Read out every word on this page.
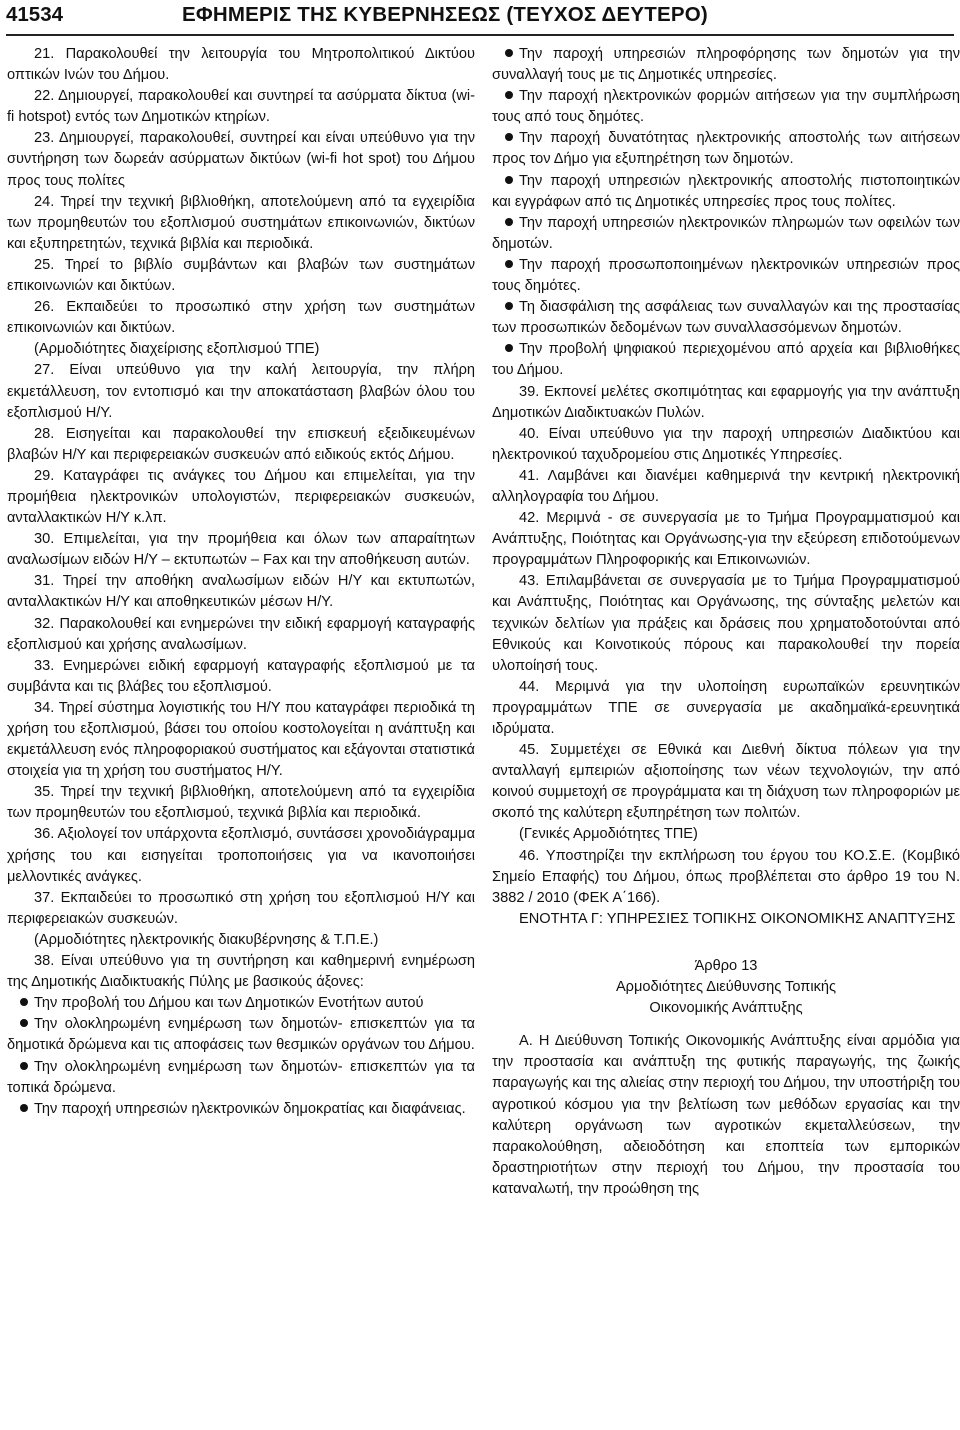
41534	ΕΦΗΜΕΡΙΣ ΤΗΣ ΚΥΒΕΡΝΗΣΕΩΣ (ΤΕΥΧΟΣ ΔΕΥΤΕΡΟ)

21. Παρακολουθεί την λειτουργία του Μητροπολιτικού Δικτύου οπτικών Ινών του Δήμου.

22. Δημιουργεί, παρακολουθεί και συντηρεί τα ασύρματα δίκτυα (wi-fi hotspot) εντός των Δημοτικών κτηρίων.

23. Δημιουργεί, παρακολουθεί, συντηρεί και είναι υπεύθυνο για την συντήρηση των δωρεάν ασύρματων δικτύων (wi-fi hot spot) του Δήμου προς τους πολίτες

24. Τηρεί την τεχνική βιβλιοθήκη, αποτελούμενη από τα εγχειρίδια των προμηθευτών του εξοπλισμού συστημάτων επικοινωνιών, δικτύων και εξυπηρετητών, τεχνικά βιβλία και περιοδικά.

25. Τηρεί το βιβλίο συμβάντων και βλαβών των συστημάτων επικοινωνιών και δικτύων.

26. Εκπαιδεύει το προσωπικό στην χρήση των συστημάτων επικοινωνιών και δικτύων.

(Αρμοδιότητες διαχείρισης εξοπλισμού ΤΠΕ)

27. Είναι υπεύθυνο για την καλή λειτουργία, την πλήρη εκμετάλλευση, τον εντοπισμό και την αποκατάσταση βλαβών όλου του εξοπλισμού Η/Υ.

28. Εισηγείται και παρακολουθεί την επισκευή εξειδικευμένων βλαβών Η/Υ και περιφερειακών συσκευών από ειδικούς εκτός Δήμου.

29. Καταγράφει τις ανάγκες του Δήμου και επιμελείται, για την προμήθεια ηλεκτρονικών υπολογιστών, περιφερειακών συσκευών, ανταλλακτικών Η/Υ κ.λπ.

30. Επιμελείται, για την προμήθεια και όλων των απαραίτητων αναλωσίμων ειδών Η/Υ – εκτυπωτών – Fax και την αποθήκευση αυτών.

31. Τηρεί την αποθήκη αναλωσίμων ειδών Η/Υ και εκτυπωτών, ανταλλακτικών Η/Υ και αποθηκευτικών μέσων Η/Υ.

32. Παρακολουθεί και ενημερώνει την ειδική εφαρμογή καταγραφής εξοπλισμού και χρήσης αναλωσίμων.

33. Ενημερώνει ειδική εφαρμογή καταγραφής εξοπλισμού με τα συμβάντα και τις βλάβες του εξοπλισμού.

34. Τηρεί σύστημα λογιστικής του Η/Υ που καταγράφει περιοδικά τη χρήση του εξοπλισμού, βάσει του οποίου κοστολογείται η ανάπτυξη και εκμετάλλευση ενός πληροφοριακού συστήματος και εξάγονται στατιστικά στοιχεία για τη χρήση του συστήματος Η/Υ.

35. Τηρεί την τεχνική βιβλιοθήκη, αποτελούμενη από τα εγχειρίδια των προμηθευτών του εξοπλισμού, τεχνικά βιβλία και περιοδικά.

36. Αξιολογεί τον υπάρχοντα εξοπλισμό, συντάσσει χρονοδιάγραμμα χρήσης του και εισηγείται τροποποιήσεις για να ικανοποιήσει μελλοντικές ανάγκες.

37. Εκπαιδεύει το προσωπικό στη χρήση του εξοπλισμού Η/Υ και περιφερειακών συσκευών.

(Αρμοδιότητες ηλεκτρονικής διακυβέρνησης & Τ.Π.Ε.)

38. Είναι υπεύθυνο για τη συντήρηση και καθημερινή ενημέρωση της Δημοτικής Διαδικτυακής Πύλης με βασικούς άξονες:

Την προβολή του Δήμου και των Δημοτικών Ενοτήτων αυτού

Την ολοκληρωμένη ενημέρωση των δημοτών- επισκεπτών για τα δημοτικά δρώμενα και τις αποφάσεις των θεσμικών οργάνων του Δήμου.

Την ολοκληρωμένη ενημέρωση των δημοτών- επισκεπτών για τα τοπικά δρώμενα.

Την παροχή υπηρεσιών ηλεκτρονικών δημοκρατίας και διαφάνειας.

Την παροχή υπηρεσιών πληροφόρησης των δημοτών για την συναλλαγή τους με τις Δημοτικές υπηρεσίες.

Την παροχή ηλεκτρονικών φορμών αιτήσεων για την συμπλήρωση τους από τους δημότες.

Την παροχή δυνατότητας ηλεκτρονικής αποστολής των αιτήσεων προς τον Δήμο για εξυπηρέτηση των δημοτών.

Την παροχή υπηρεσιών ηλεκτρονικής αποστολής πιστοποιητικών και εγγράφων από τις Δημοτικές υπηρεσίες προς τους πολίτες.

Την παροχή υπηρεσιών ηλεκτρονικών πληρωμών των οφειλών των δημοτών.

Την παροχή προσωποποιημένων ηλεκτρονικών υπηρεσιών προς τους δημότες.

Τη διασφάλιση της ασφάλειας των συναλλαγών και της προστασίας των προσωπικών δεδομένων των συναλλασσόμενων δημοτών.

Την προβολή ψηφιακού περιεχομένου από αρχεία και βιβλιοθήκες του Δήμου.

39. Εκπονεί μελέτες σκοπιμότητας και εφαρμογής για την ανάπτυξη Δημοτικών Διαδικτυακών Πυλών.

40. Είναι υπεύθυνο για την παροχή υπηρεσιών Διαδικτύου και ηλεκτρονικού ταχυδρομείου στις Δημοτικές Υπηρεσίες.

41. Λαμβάνει και διανέμει καθημερινά την κεντρική ηλεκτρονική αλληλογραφία του Δήμου.

42. Μεριμνά - σε συνεργασία με το Τμήμα Προγραμματισμού και Ανάπτυξης, Ποιότητας και Οργάνωσης-για την εξεύρεση επιδοτούμενων προγραμμάτων Πληροφορικής και Επικοινωνιών.

43. Επιλαμβάνεται σε συνεργασία με το Τμήμα Προγραμματισμού και Ανάπτυξης, Ποιότητας και Οργάνωσης, της σύνταξης μελετών και τεχνικών δελτίων για πράξεις και δράσεις που χρηματοδοτούνται από Εθνικούς και Κοινοτικούς πόρους και παρακολουθεί την πορεία υλοποίησή τους.

44. Μεριμνά για την υλοποίηση ευρωπαϊκών ερευνητικών προγραμμάτων ΤΠΕ σε συνεργασία με ακαδημαϊκά-ερευνητικά ιδρύματα.

45. Συμμετέχει σε Εθνικά και Διεθνή δίκτυα πόλεων για την ανταλλαγή εμπειριών αξιοποίησης των νέων τεχνολογιών, την από κοινού συμμετοχή σε προγράμματα και τη διάχυση των πληροφοριών με σκοπό της καλύτερη εξυπηρέτηση των πολιτών.

(Γενικές Αρμοδιότητες ΤΠΕ)

46. Υποστηρίζει την εκπλήρωση του έργου του ΚΟ.Σ.Ε. (Κομβικό Σημείο Επαφής) του Δήμου, όπως προβλέπεται στο άρθρο 19 του Ν. 3882 / 2010 (ΦΕΚ Α΄166).

ΕΝΟΤΗΤΑ Γ: ΥΠΗΡΕΣΙΕΣ ΤΟΠΙΚΗΣ ΟΙΚΟΝΟΜΙΚΗΣ ΑΝΑΠΤΥΞΗΣ

Άρθρο 13

Αρμοδιότητες Διεύθυνσης Τοπικής

Οικονομικής Ανάπτυξης

Α. Η Διεύθυνση Τοπικής Οικονομικής Ανάπτυξης είναι αρμόδια για την προστασία και ανάπτυξη της φυτικής παραγωγής, της ζωικής παραγωγής και της αλιείας στην περιοχή του Δήμου, την υποστήριξη του αγροτικού κόσμου για την βελτίωση των μεθόδων εργασίας και την καλύτερη οργάνωση των αγροτικών εκμεταλλεύσεων, την παρακολούθηση, αδειοδότηση και εποπτεία των εμπορικών δραστηριοτήτων στην περιοχή του Δήμου, την προστασία του καταναλωτή, την προώθηση της
